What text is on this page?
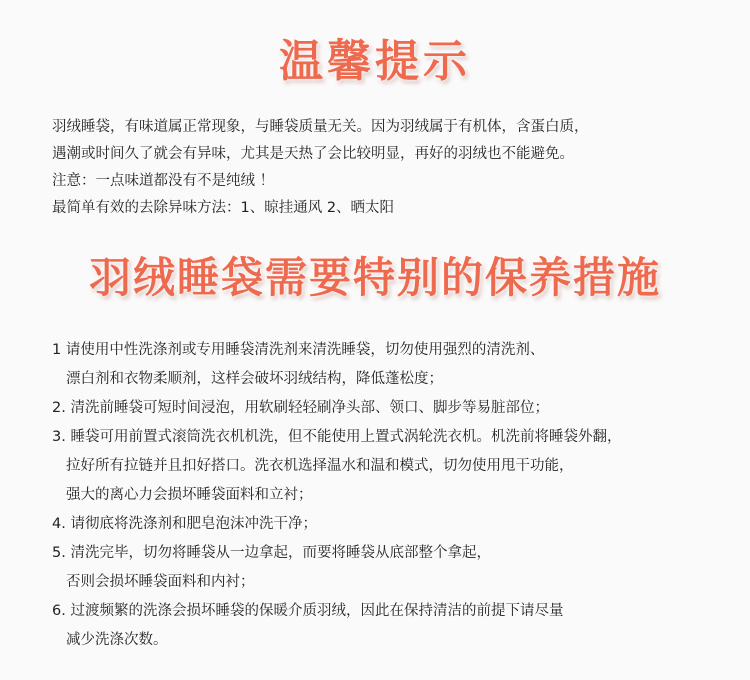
温馨提示

羽绒睡袋，有味道属正常现象，与睡袋质量无关。因为羽绒属于有机体，含蛋白质，

遇潮或时间久了就会有异味，尤其是天热了会比较明显，再好的羽绒也不能避免。

注意：一点味道都没有不是纯绒 ！

最简单有效的去除异味方法：1、晾挂通风 2、晒太阳

羽绒睡袋需要特别的保养措施

1 请使用中性洗涤剂或专用睡袋清洗剂来清洗睡袋，切勿使用强烈的清洗剂、

漂白剂和衣物柔顺剂，这样会破坏羽绒结构，降低蓬松度；

2. 清洗前睡袋可短时间浸泡，用软刷轻轻刷净头部、领口、脚步等易脏部位；

3. 睡袋可用前置式滚筒洗衣机机洗，但不能使用上置式涡轮洗衣机。机洗前将睡袋外翻，

拉好所有拉链并且扣好搭口。洗衣机选择温水和温和模式，切勿使用甩干功能，

强大的离心力会损坏睡袋面料和立衬；

4. 请彻底将洗涤剂和肥皂泡沫冲洗干净；

5. 清洗完毕，切勿将睡袋从一边拿起，而要将睡袋从底部整个拿起，

否则会损坏睡袋面料和内衬；

6. 过渡频繁的洗涤会损坏睡袋的保暖介质羽绒，因此在保持清洁的前提下请尽量

减少洗涤次数。
